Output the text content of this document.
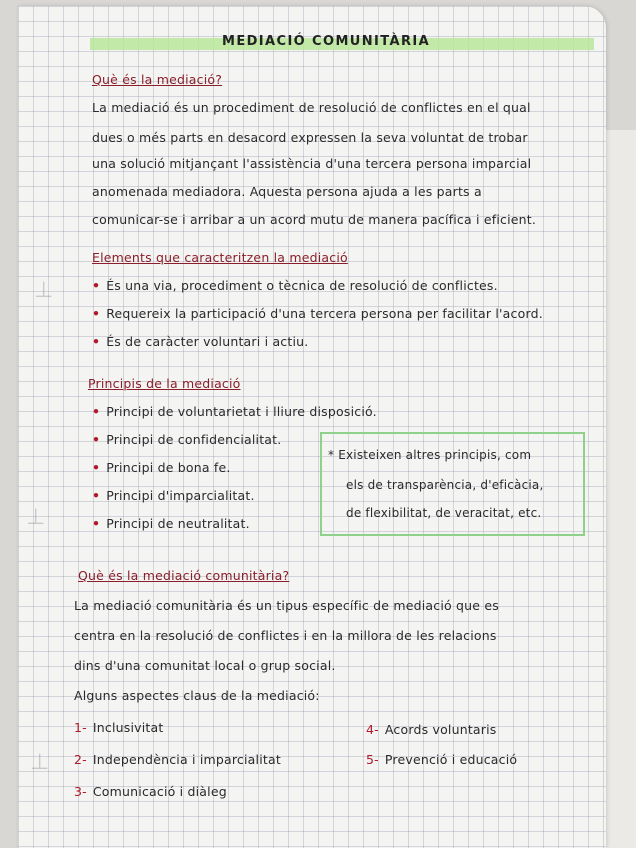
⊥
⊥
⊥
MEDIACIÓ COMUNITÀRIA
Què és la mediació?
La mediació és un procediment de resolució de conflictes en el qual
dues o més parts en desacord expressen la seva voluntat de trobar
una solució mitjançant l'assistència d'una tercera persona imparcial
anomenada mediadora. Aquesta persona ajuda a les parts a
comunicar-se i arribar a un acord mutu de manera pacífica i eficient.
Elements que caracteritzen la mediació
• És una via, procediment o tècnica de resolució de conflictes.
• Requereix la participació d'una tercera persona per facilitar l'acord.
• És de caràcter voluntari i actiu.
Principis de la mediació
• Principi de voluntarietat i lliure disposició.
• Principi de confidencialitat.
• Principi de bona fe.
• Principi d'imparcialitat.
• Principi de neutralitat.
* Existeixen altres principis, com
els de transparència, d'eficàcia,
de flexibilitat, de veracitat, etc.
Què és la mediació comunitària?
La mediació comunitària és un tipus específic de mediació que es
centra en la resolució de conflictes i en la millora de les relacions
dins d'una comunitat local o grup social.
Alguns aspectes claus de la mediació:
1- Inclusivitat
2- Independència i imparcialitat
3- Comunicació i diàleg
4- Acords voluntaris
5- Prevenció i educació
